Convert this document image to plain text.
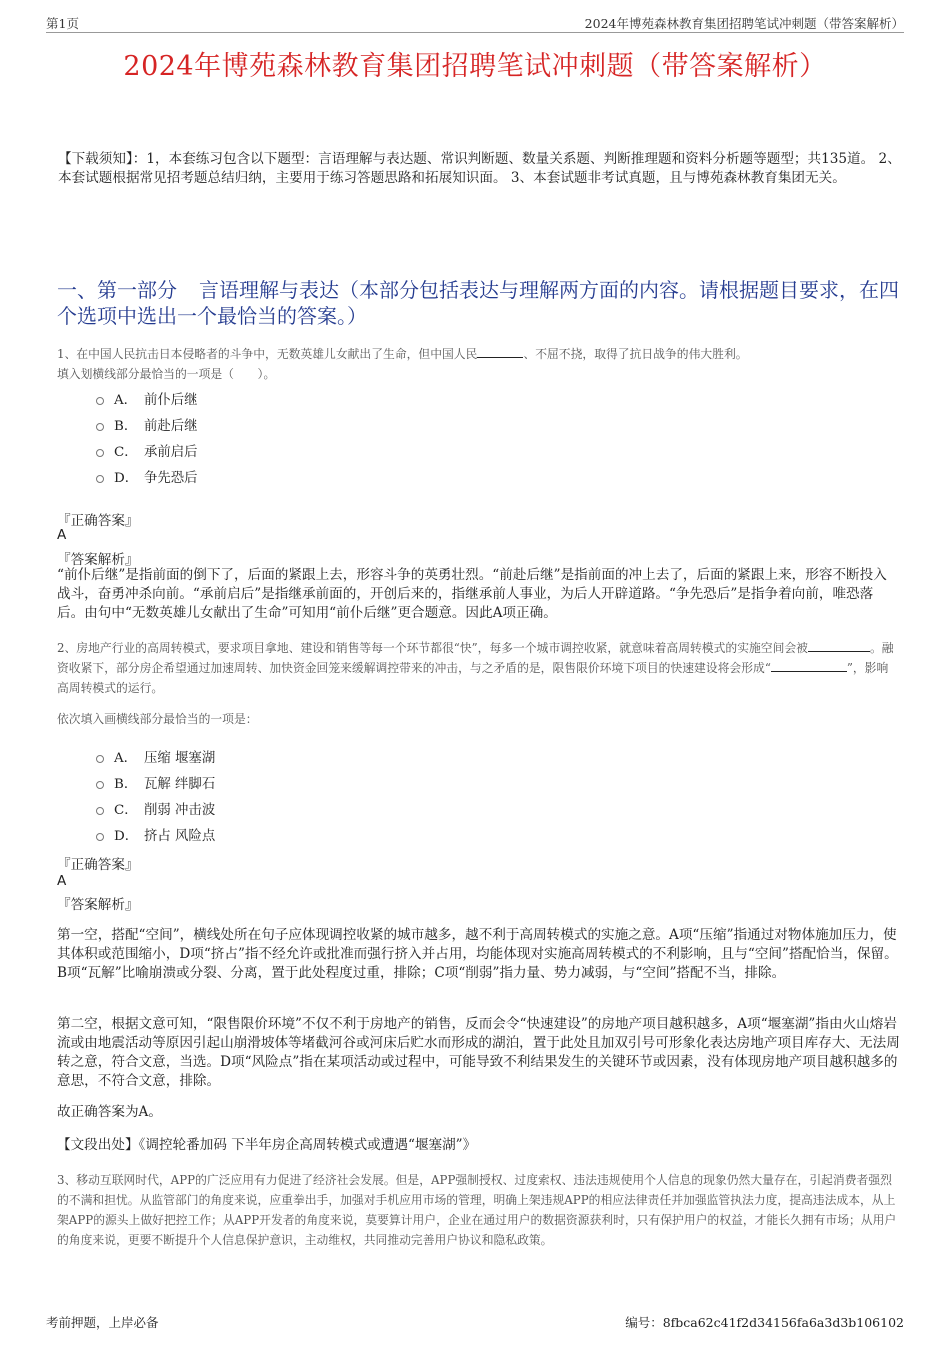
第1页	2024年博苑森林教育集团招聘笔试冲刺题（带答案解析）
2024年博苑森林教育集团招聘笔试冲刺题（带答案解析）
【下载须知】：1，本套练习包含以下题型：言语理解与表达题、常识判断题、数量关系题、判断推理题和资料分析题等题型；共135道。 2、本套试题根据常见招考题总结归纳，主要用于练习答题思路和拓展知识面。 3、本套试题非考试真题，且与博苑森林教育集团无关。
一、第一部分 言语理解与表达（本部分包括表达与理解两方面的内容。请根据题目要求，在四个选项中选出一个最恰当的答案。）
1、在中国人民抗击日本侵略者的斗争中，无数英雄儿女献出了生命，但中国人民	、不屈不挠，取得了抗日战争的伟大胜利。
填入划横线部分最恰当的一项是（　　）。
A． 前仆后继
B． 前赴后继
C． 承前启后
D． 争先恐后
『正确答案』
A
『答案解析』
“前仆后继”是指前面的倒下了，后面的紧跟上去，形容斗争的英勇壮烈。“前赴后继”是指前面的冲上去了，后面的紧跟上来，形容不断投入战斗，奋勇冲杀向前。“承前启后”是指继承前面的，开创后来的，指继承前人事业，为后人开辟道路。“争先恐后”是指争着向前，唯恐落后。由句中“无数英雄儿女献出了生命”可知用“前仆后继”更合题意。因此A项正确。
2、房地产行业的高周转模式，要求项目拿地、建设和销售等每一个环节都很“快”，每多一个城市调控收紧，就意味着高周转模式的实施空间会被	。融资收紧下，部分房企希望通过加速周转、加快资金回笼来缓解调控带来的冲击，与之矛盾的是，限售限价环境下项目的快速建设将会形成“	”，影响高周转模式的运行。
依次填入画横线部分最恰当的一项是：
A． 压缩 堰塞湖
B． 瓦解 绊脚石
C． 削弱 冲击波
D． 挤占 风险点
『正确答案』
A
『答案解析』
第一空，搭配“空间”，横线处所在句子应体现调控收紧的城市越多，越不利于高周转模式的实施之意。A项“压缩”指通过对物体施加压力，使其体积或范围缩小，D项“挤占”指不经允许或批准而强行挤入并占用，均能体现对实施高周转模式的不利影响，且与“空间”搭配恰当，保留。B项“瓦解”比喻崩溃或分裂、分离，置于此处程度过重，排除；C项“削弱”指力量、势力减弱，与“空间”搭配不当，排除。
第二空，根据文意可知，“限售限价环境”不仅不利于房地产的销售，反而会令“快速建设”的房地产项目越积越多，A项“堰塞湖”指由火山熔岩流或由地震活动等原因引起山崩滑坡体等堵截河谷或河床后贮水而形成的湖泊，置于此处且加双引号可形象化表达房地产项目库存大、无法周转之意，符合文意，当选。D项“风险点”指在某项活动或过程中，可能导致不利结果发生的关键环节或因素，没有体现房地产项目越积越多的意思，不符合文意，排除。
故正确答案为A。
【文段出处】《调控轮番加码 下半年房企高周转模式或遭遇“堰塞湖”》
3、移动互联网时代，APP的广泛应用有力促进了经济社会发展。但是，APP强制授权、过度索权、违法违规使用个人信息的现象仍然大量存在，引起消费者强烈的不满和担忧。从监管部门的角度来说，应重拳出手，加强对手机应用市场的管理，明确上架违规APP的相应法律责任并加强监管执法力度，提高违法成本，从上架APP的源头上做好把控工作；从APP开发者的角度来说，莫要算计用户，企业在通过用户的数据资源获利时，只有保护用户的权益，才能长久拥有市场；从用户的角度来说，更要不断提升个人信息保护意识，主动维权，共同推动完善用户协议和隐私政策。
考前押题，上岸必备	编号：8fbca62c41f2d34156fa6a3d3b106102
